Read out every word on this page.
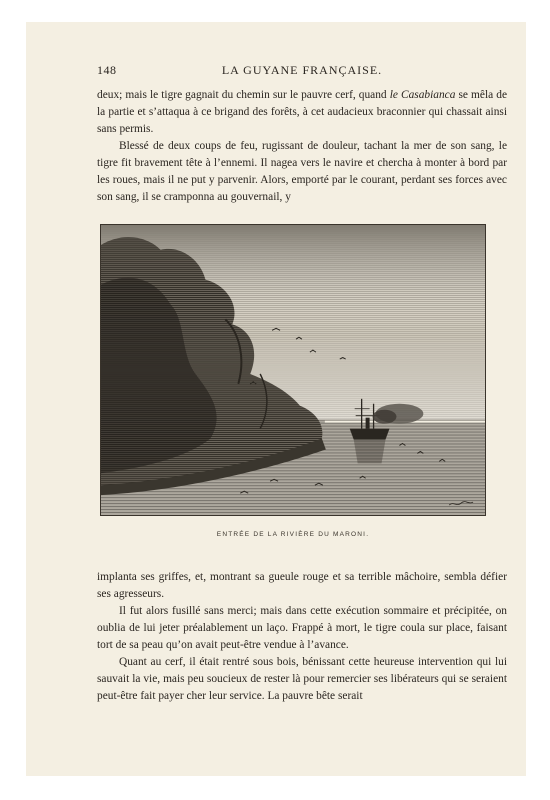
148	LA GUYANE FRANÇAISE.

deux; mais le tigre gagnait du chemin sur le pauvre cerf, quand le Casabianca se mêla de la partie et s’attaqua à ce brigand des forêts, à cet audacieux braconnier qui chassait ainsi sans permis.

Blessé de deux coups de feu, rugissant de douleur, tachant la mer de son sang, le tigre fit bravement tête à l’ennemi. Il nagea vers le navire et chercha à monter à bord par les roues, mais il ne put y parvenir. Alors, emporté par le courant, perdant ses forces avec son sang, il se cramponna au gouvernail, y

ENTRÉE DE LA RIVIÈRE DU MARONI.

implanta ses griffes, et, montrant sa gueule rouge et sa terrible mâchoire, sembla défier ses agresseurs.

Il fut alors fusillé sans merci; mais dans cette exécution sommaire et précipitée, on oublia de lui jeter préalablement un laço. Frappé à mort, le tigre coula sur place, faisant tort de sa peau qu’on avait peut-être vendue à l’avance.

Quant au cerf, il était rentré sous bois, bénissant cette heureuse intervention qui lui sauvait la vie, mais peu soucieux de rester là pour remercier ses libérateurs qui se seraient peut-être fait payer cher leur service. La pauvre bête serait
